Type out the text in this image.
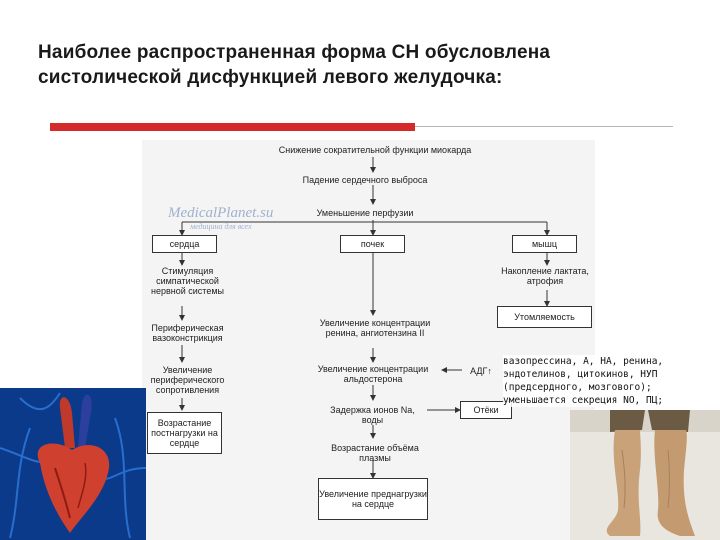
Наиболее распространенная форма СН обусловлена
систолической дисфункцией левого желудочка:
Снижение сократительной функции миокарда
Падение сердечного выброса
Уменьшение перфузии
почек
Увеличение концентрации ренина, ангиотензина II
Увеличение концентрации альдостерона
Задержка ионов Na, воды
Возрастание объёма плазмы
Увеличение преднагрузки на сердце
сердца
Стимуляция симпатической нервной системы
Периферическая вазоконстрикция
Увеличение периферического сопротивления
Возрастание постнагрузки на сердце
мышц
Накопление лактата, атрофия
Утомляемость
АДГ↑
Отёки
MedicalPlanet.su
медицина для всех
вазопрессина, А, НА, ренина,
эндотелинов, цитокинов, НУП
(предсердного, мозгового);
уменьшается секреция NO, ПЦ;
